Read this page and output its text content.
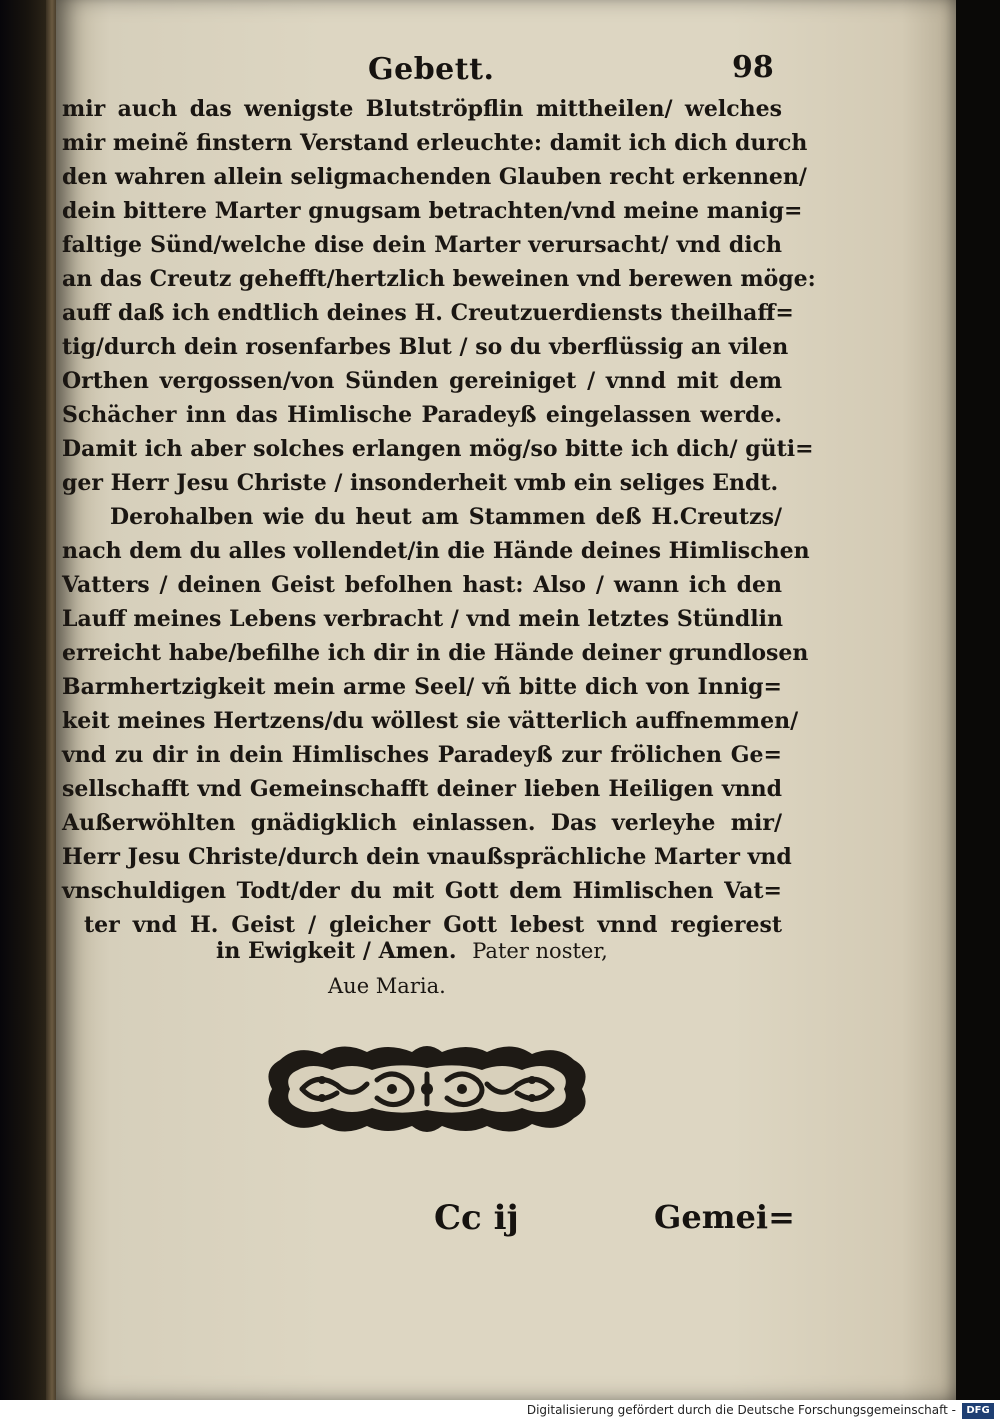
Gebett.	98
mir auch das wenigste Blutströpflin mittheilen/ welches
mir meinẽ finstern Verstand erleuchte: damit ich dich durch
den wahren allein seligmachenden Glauben recht erkennen/
dein bittere Marter gnugsam betrachten/vnd meine manig=
faltige Sünd/welche dise dein Marter verursacht/ vnd dich
an das Creutz gehefft/hertzlich beweinen vnd berewen möge:
auff daß ich endtlich deines H. Creutzuerdiensts theilhaff=
tig/durch dein rosenfarbes Blut / so du vberflüssig an vilen
Orthen vergossen/von Sünden gereiniget / vnnd mit dem
Schächer inn das Himlische Paradeyß eingelassen werde.
Damit ich aber solches erlangen mög/so bitte ich dich/ güti=
ger Herr Jesu Christe / insonderheit vmb ein seliges Endt.
Derohalben wie du heut am Stammen deß H.Creutzs/
nach dem du alles vollendet/in die Hände deines Himlischen
Vatters / deinen Geist befolhen hast: Also / wann ich den
Lauff meines Lebens verbracht / vnd mein letztes Stündlin
erreicht habe/befilhe ich dir in die Hände deiner grundlosen
Barmhertzigkeit mein arme Seel/ vñ bitte dich von Innig=
keit meines Hertzens/du wöllest sie vätterlich auffnemmen/
vnd zu dir in dein Himlisches Paradeyß zur frölichen Ge=
sellschafft vnd Gemeinschafft deiner lieben Heiligen vnnd
Außerwöhlten gnädigklich einlassen. Das verleyhe mir/
Herr Jesu Christe/durch dein vnaußsprächliche Marter vnd
vnschuldigen Todt/der du mit Gott dem Himlischen Vat=
ter vnd H. Geist / gleicher Gott lebest vnnd regierest
in Ewigkeit / Amen. Pater noster,
Aue Maria.
Cc ij	Gemei=
Digitalisierung gefördert durch die Deutsche Forschungsgemeinschaft -	DFG
